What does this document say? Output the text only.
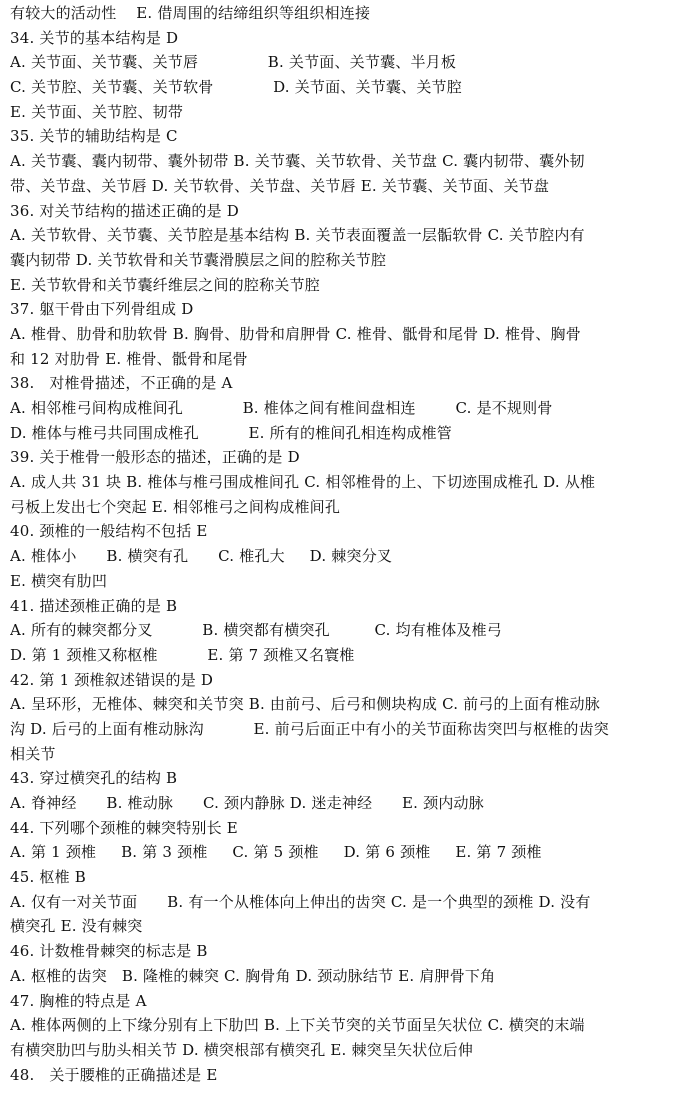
有较大的活动性    E. 借周围的结缔组织等组织相连接
34. 关节的基本结构是 D
A. 关节面、关节囊、关节唇              B. 关节面、关节囊、半月板
C. 关节腔、关节囊、关节软骨            D. 关节面、关节囊、关节腔
E. 关节面、关节腔、韧带
35. 关节的辅助结构是 C
A. 关节囊、囊内韧带、囊外韧带 B. 关节囊、关节软骨、关节盘 C. 囊内韧带、囊外韧
带、关节盘、关节唇 D. 关节软骨、关节盘、关节唇 E. 关节囊、关节面、关节盘
36. 对关节结构的描述正确的是 D
A. 关节软骨、关节囊、关节腔是基本结构 B. 关节表面覆盖一层骺软骨 C. 关节腔内有
囊内韧带 D. 关节软骨和关节囊滑膜层之间的腔称关节腔
E. 关节软骨和关节囊纤维层之间的腔称关节腔
37. 躯干骨由下列骨组成 D
A. 椎骨、肋骨和肋软骨 B. 胸骨、肋骨和肩胛骨 C. 椎骨、骶骨和尾骨 D. 椎骨、胸骨
和 12 对肋骨 E. 椎骨、骶骨和尾骨
38.   对椎骨描述，不正确的是 A
A. 相邻椎弓间构成椎间孔            B. 椎体之间有椎间盘相连        C. 是不规则骨
D. 椎体与椎弓共同围成椎孔          E. 所有的椎间孔相连构成椎管
39. 关于椎骨一般形态的描述，正确的是 D
A. 成人共 31 块 B. 椎体与椎弓围成椎间孔 C. 相邻椎骨的上、下切迹围成椎孔 D. 从椎
弓板上发出七个突起 E. 相邻椎弓之间构成椎间孔
40. 颈椎的一般结构不包括 E
A. 椎体小      B. 横突有孔      C. 椎孔大     D. 棘突分叉
E. 横突有肋凹
41. 描述颈椎正确的是 B
A. 所有的棘突都分叉          B. 横突都有横突孔         C. 均有椎体及椎弓
D. 第 1 颈椎又称枢椎          E. 第 7 颈椎又名寰椎
42. 第 1 颈椎叙述错误的是 D
A. 呈环形，无椎体、棘突和关节突 B. 由前弓、后弓和侧块构成 C. 前弓的上面有椎动脉
沟 D. 后弓的上面有椎动脉沟          E. 前弓后面正中有小的关节面称齿突凹与枢椎的齿突
相关节
43. 穿过横突孔的结构 B
A. 脊神经      B. 椎动脉      C. 颈内静脉 D. 迷走神经      E. 颈内动脉
44. 下列哪个颈椎的棘突特别长 E
A. 第 1 颈椎     B. 第 3 颈椎     C. 第 5 颈椎     D. 第 6 颈椎     E. 第 7 颈椎
45. 枢椎 B
A. 仅有一对关节面      B. 有一个从椎体向上伸出的齿突 C. 是一个典型的颈椎 D. 没有
横突孔 E. 没有棘突
46. 计数椎骨棘突的标志是 B
A. 枢椎的齿突   B. 隆椎的棘突 C. 胸骨角 D. 颈动脉结节 E. 肩胛骨下角
47. 胸椎的特点是 A
A. 椎体两侧的上下缘分别有上下肋凹 B. 上下关节突的关节面呈矢状位 C. 横突的末端
有横突肋凹与肋头相关节 D. 横突根部有横突孔 E. 棘突呈矢状位后伸
48.   关于腰椎的正确描述是 E
